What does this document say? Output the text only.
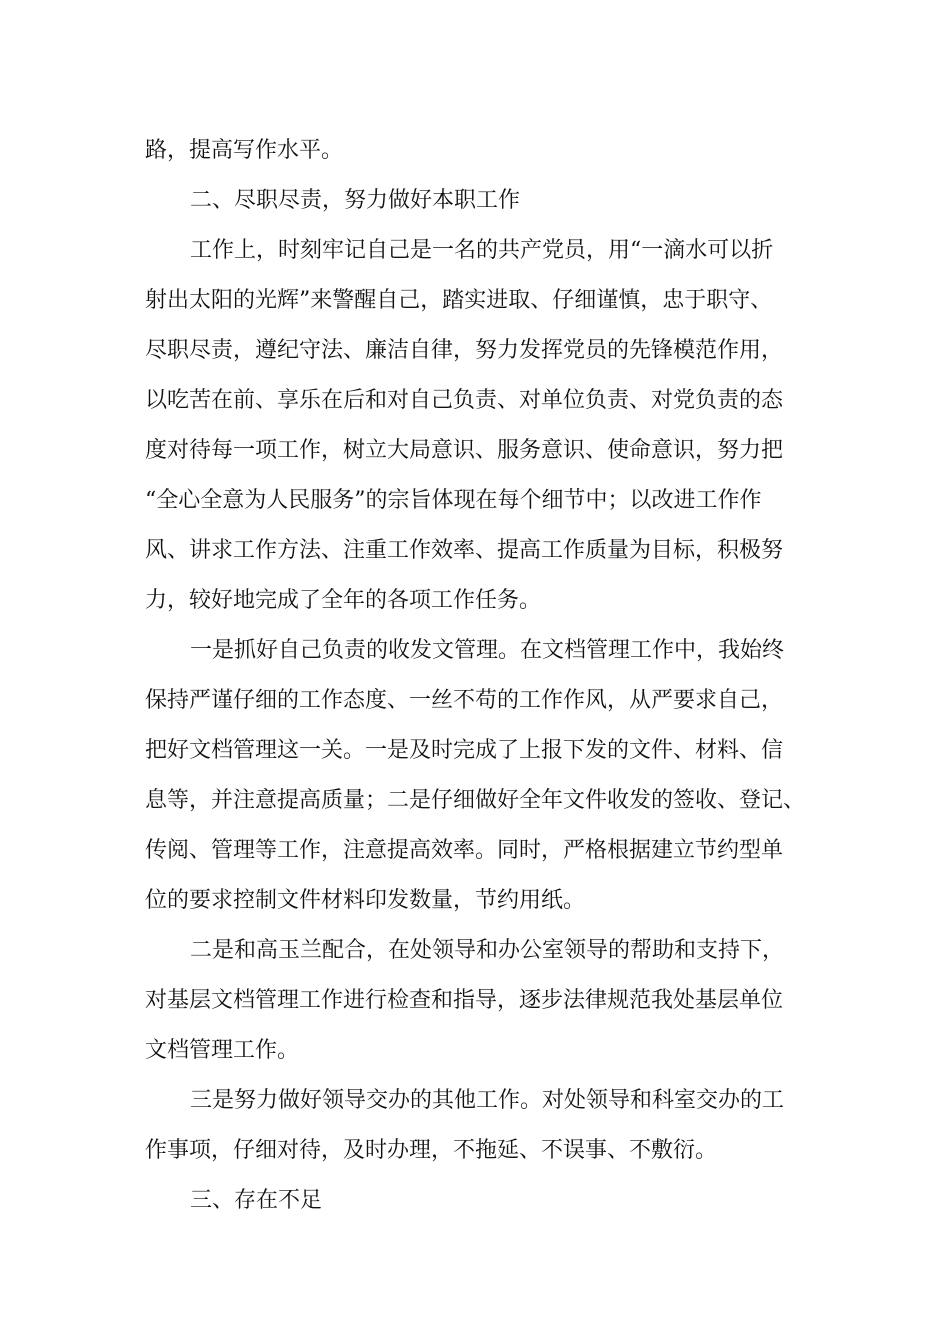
路，提高写作水平。

二、尽职尽责，努力做好本职工作

工作上，时刻牢记自己是一名的共产党员，用“一滴水可以折

射出太阳的光辉”来警醒自己，踏实进取、仔细谨慎，忠于职守、

尽职尽责，遵纪守法、廉洁自律，努力发挥党员的先锋模范作用，

以吃苦在前、享乐在后和对自己负责、对单位负责、对党负责的态

度对待每一项工作，树立大局意识、服务意识、使命意识，努力把

“全心全意为人民服务”的宗旨体现在每个细节中；以改进工作作

风、讲求工作方法、注重工作效率、提高工作质量为目标，积极努

力，较好地完成了全年的各项工作任务。

一是抓好自己负责的收发文管理。在文档管理工作中，我始终

保持严谨仔细的工作态度、一丝不苟的工作作风，从严要求自己，

把好文档管理这一关。一是及时完成了上报下发的文件、材料、信

息等，并注意提高质量；二是仔细做好全年文件收发的签收、登记、

传阅、管理等工作，注意提高效率。同时，严格根据建立节约型单

位的要求控制文件材料印发数量，节约用纸。

二是和高玉兰配合，在处领导和办公室领导的帮助和支持下，

对基层文档管理工作进行检查和指导，逐步法律规范我处基层单位

文档管理工作。

三是努力做好领导交办的其他工作。对处领导和科室交办的工

作事项，仔细对待，及时办理，不拖延、不误事、不敷衍。

三、存在不足
